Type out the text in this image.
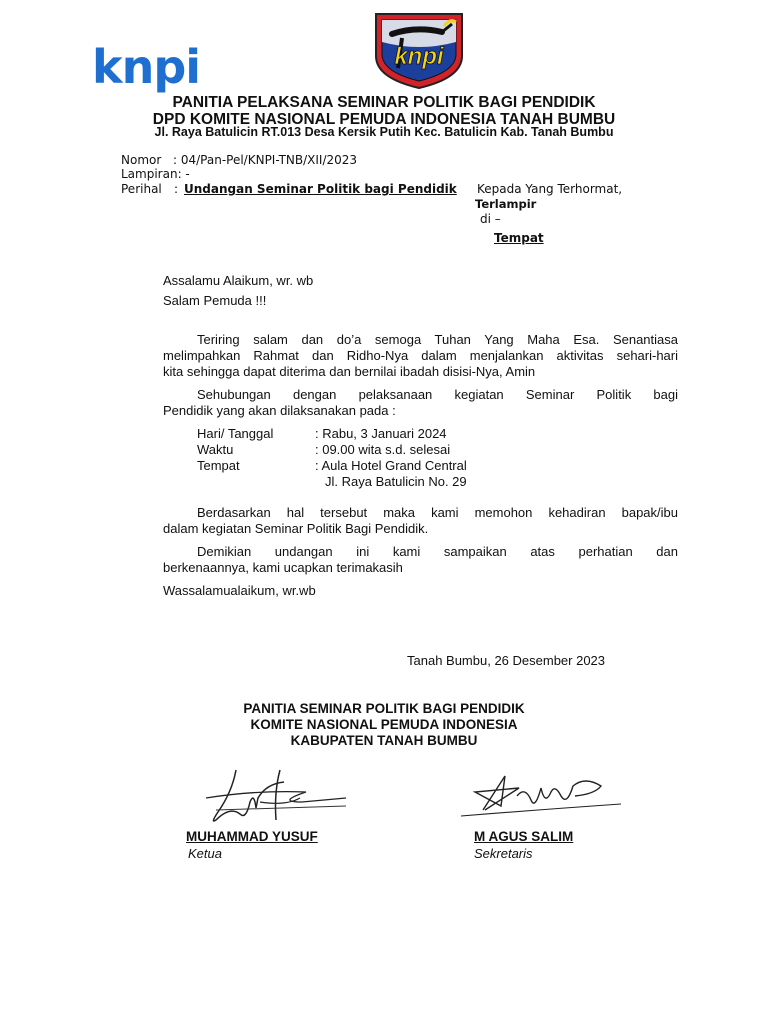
knpi	knpi
PANITIA PELAKSANA SEMINAR POLITIK BAGI PENDIDIK
DPD KOMITE NASIONAL PEMUDA INDONESIA TANAH BUMBU
Jl. Raya Batulicin RT.013 Desa Kersik Putih Kec. Batulicin Kab. Tanah Bumbu
Nomor : 04/Pan-Pel/KNPI-TNB/XII/2023
Lampiran: -
Perihal : Undangan Seminar Politik bagi Pendidik Kepada Yang Terhormat,
Terlampir
di –
Tempat
Assalamu Alaikum, wr. wb
Salam Pemuda !!!
Teriring salam dan do’a semoga Tuhan Yang Maha Esa. Senantiasa
melimpahkan Rahmat dan Ridho-Nya dalam menjalankan aktivitas sehari-hari
kita sehingga dapat diterima dan bernilai ibadah disisi-Nya, Amin
Sehubungan dengan pelaksanaan kegiatan Seminar Politik bagi
Pendidik yang akan dilaksanakan pada :
Hari/ Tanggal	: Rabu, 3 Januari 2024
Waktu	: 09.00 wita s.d. selesai
Tempat	: Aula Hotel Grand Central
Jl. Raya Batulicin No. 29
Berdasarkan hal tersebut maka kami memohon kehadiran bapak/ibu
dalam kegiatan Seminar Politik Bagi Pendidik.
Demikian undangan ini kami sampaikan atas perhatian dan
berkenaannya, kami ucapkan terimakasih
Wassalamualaikum, wr.wb
Tanah Bumbu, 26 Desember 2023
PANITIA SEMINAR POLITIK BAGI PENDIDIK
KOMITE NASIONAL PEMUDA INDONESIA
KABUPATEN TANAH BUMBU
MUHAMMAD YUSUF
Ketua
M AGUS SALIM
Sekretaris
